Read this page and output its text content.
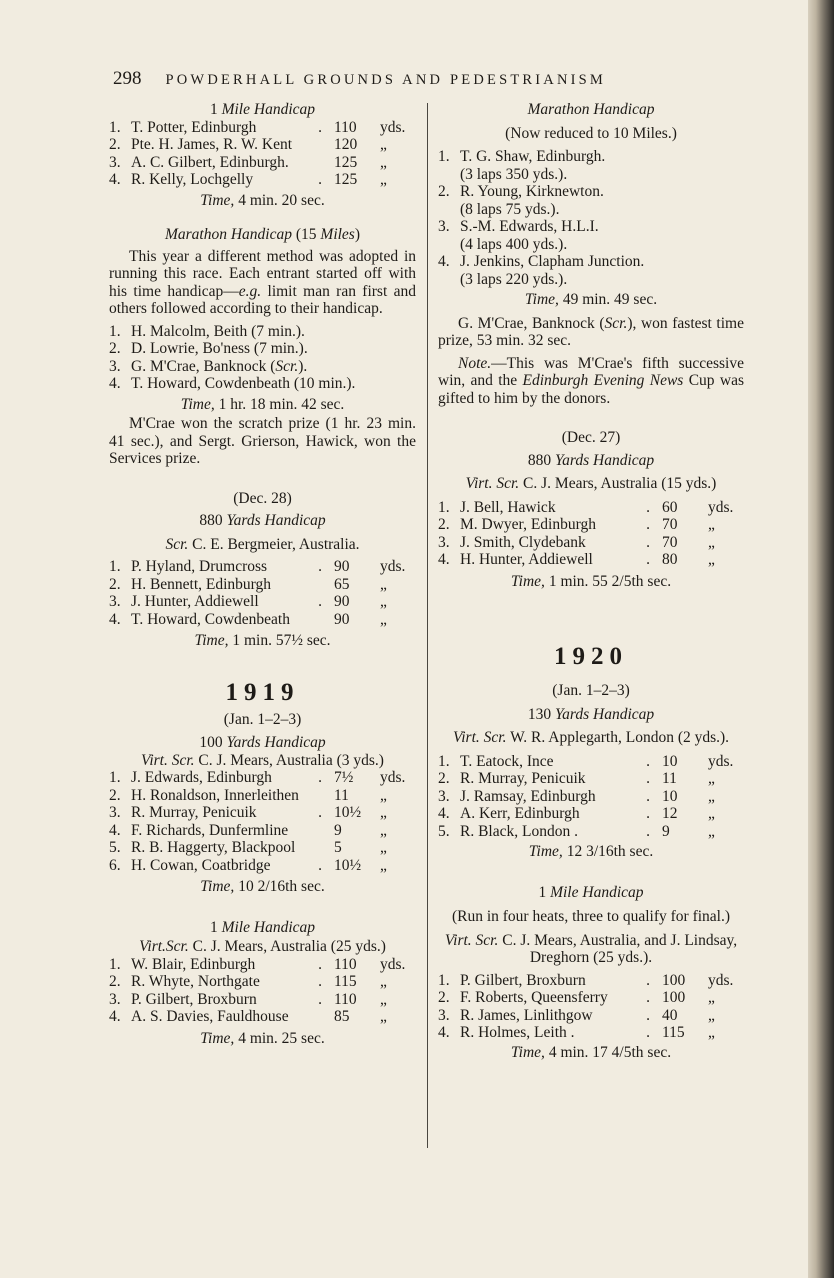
298 POWDERHALL GROUNDS AND PEDESTRIANISM
1 Mile Handicap
1. T. Potter, Edinburgh	. 110	yds.
2. Pte. H. James, R. W. Kent	120	„
3. A. C. Gilbert, Edinburgh.	125	„
4. R. Kelly, Lochgelly	. 125	„
Time, 4 min. 20 sec.
Marathon Handicap (15 Miles)

This year a different method was adopted in running this race. Each entrant started off with his time handicap—e.g. limit man ran first and others followed according to their handicap.

1. H. Malcolm, Beith (7 min.).
2. D. Lowrie, Bo'ness (7 min.).
3. G. M'Crae, Banknock (Scr.).
4. T. Howard, Cowdenbeath (10 min.).
Time, 1 hr. 18 min. 42 sec.

M'Crae won the scratch prize (1 hr. 23 min. 41 sec.), and Sergt. Grierson, Hawick, won the Services prize.

(Dec. 28)
880 Yards Handicap
Scr. C. E. Bergmeier, Australia.
1. P. Hyland, Drumcross	. 90	yds.
2. H. Bennett, Edinburgh	65	„
3. J. Hunter, Addiewell	. 90	„
4. T. Howard, Cowdenbeath	90	„
Time, 1 min. 57½ sec.
1919
(Jan. 1–2–3)
100 Yards Handicap
Virt. Scr. C. J. Mears, Australia (3 yds.)
1. J. Edwards, Edinburgh	. 7½	yds.
2. H. Ronaldson, Innerleithen	11	„
3. R. Murray, Penicuik	. 10½	„
4. F. Richards, Dunfermline	9	„
5. R. B. Haggerty, Blackpool	5	„
6. H. Cowan, Coatbridge	. 10½	„
Time, 10 2/16th sec.
1 Mile Handicap
Virt.Scr. C. J. Mears, Australia (25 yds.)
1. W. Blair, Edinburgh	. 110	yds.
2. R. Whyte, Northgate	. 115	„
3. P. Gilbert, Broxburn	. 110	„
4. A. S. Davies, Fauldhouse	85	„
Time, 4 min. 25 sec.
Marathon Handicap
(Now reduced to 10 Miles.)
1. T. G. Shaw, Edinburgh.
(3 laps 350 yds.).
2. R. Young, Kirknewton.
(8 laps 75 yds.).
3. S.-M. Edwards, H.L.I.
(4 laps 400 yds.).
4. J. Jenkins, Clapham Junction.
(3 laps 220 yds.).
Time, 49 min. 49 sec.

G. M'Crae, Banknock (Scr.), won fastest time prize, 53 min. 32 sec.

Note.—This was M'Crae's fifth successive win, and the Edinburgh Evening News Cup was gifted to him by the donors.

(Dec. 27)
880 Yards Handicap
Virt. Scr. C. J. Mears, Australia (15 yds.)
1. J. Bell, Hawick	. 60	yds.
2. M. Dwyer, Edinburgh	. 70	„
3. J. Smith, Clydebank	. 70	„
4. H. Hunter, Addiewell	. 80	„
Time, 1 min. 55 2/5th sec.
1920
(Jan. 1–2–3)
130 Yards Handicap
Virt. Scr. W. R. Applegarth, London (2 yds.).
1. T. Eatock, Ince	. 10	yds.
2. R. Murray, Penicuik	. 11	„
3. J. Ramsay, Edinburgh	. 10	„
4. A. Kerr, Edinburgh	. 12	„
5. R. Black, London .	. 9	„
Time, 12 3/16th sec.
1 Mile Handicap
(Run in four heats, three to qualify for final.)
Virt. Scr. C. J. Mears, Australia, and J. Lindsay, Dreghorn (25 yds.).
1. P. Gilbert, Broxburn	. 100	yds.
2. F. Roberts, Queensferry	. 100	„
3. R. James, Linlithgow	. 40	„
4. R. Holmes, Leith .	. 115	„
Time, 4 min. 17 4/5th sec.
